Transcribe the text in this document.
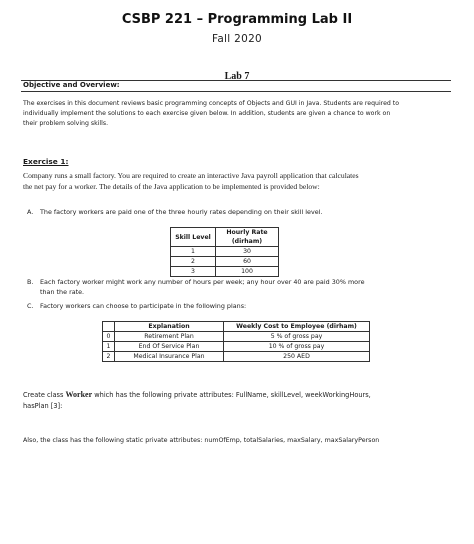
CSBP 221 – Programming Lab II
Fall 2020
Lab 7
Objective and Overview:
The exercises in this document reviews basic programming concepts of Objects and GUI in Java. Students are required to
individually implement the solutions to each exercise given below. In addition, students are given a chance to work on
their problem solving skills.
Exercise 1:
Company runs a small factory. You are required to create an interactive Java payroll application that calculates
the net pay for a worker. The details of the Java application to be implemented is provided below:
A. The factory workers are paid one of the three hourly rates depending on their skill level.
Skill Level	Hourly Rate (dirham)
1	30
2	60
3	100
B. Each factory worker might work any number of hours per week; any hour over 40 are paid 30% more
than the rate.
C. Factory workers can choose to participate in the following plans:
	Explanation	Weekly Cost to Employee (dirham)
0	Retirement Plan	5 % of gross pay
1	End Of Service Plan	10 % of gross pay
2	Medical Insurance Plan	250 AED
Create class Worker which has the following private attributes: FullName, skillLevel, weekWorkingHours,
hasPlan [3]:
Also, the class has the following static private attributes: numOfEmp, totalSalaries, maxSalary, maxSalaryPerson
